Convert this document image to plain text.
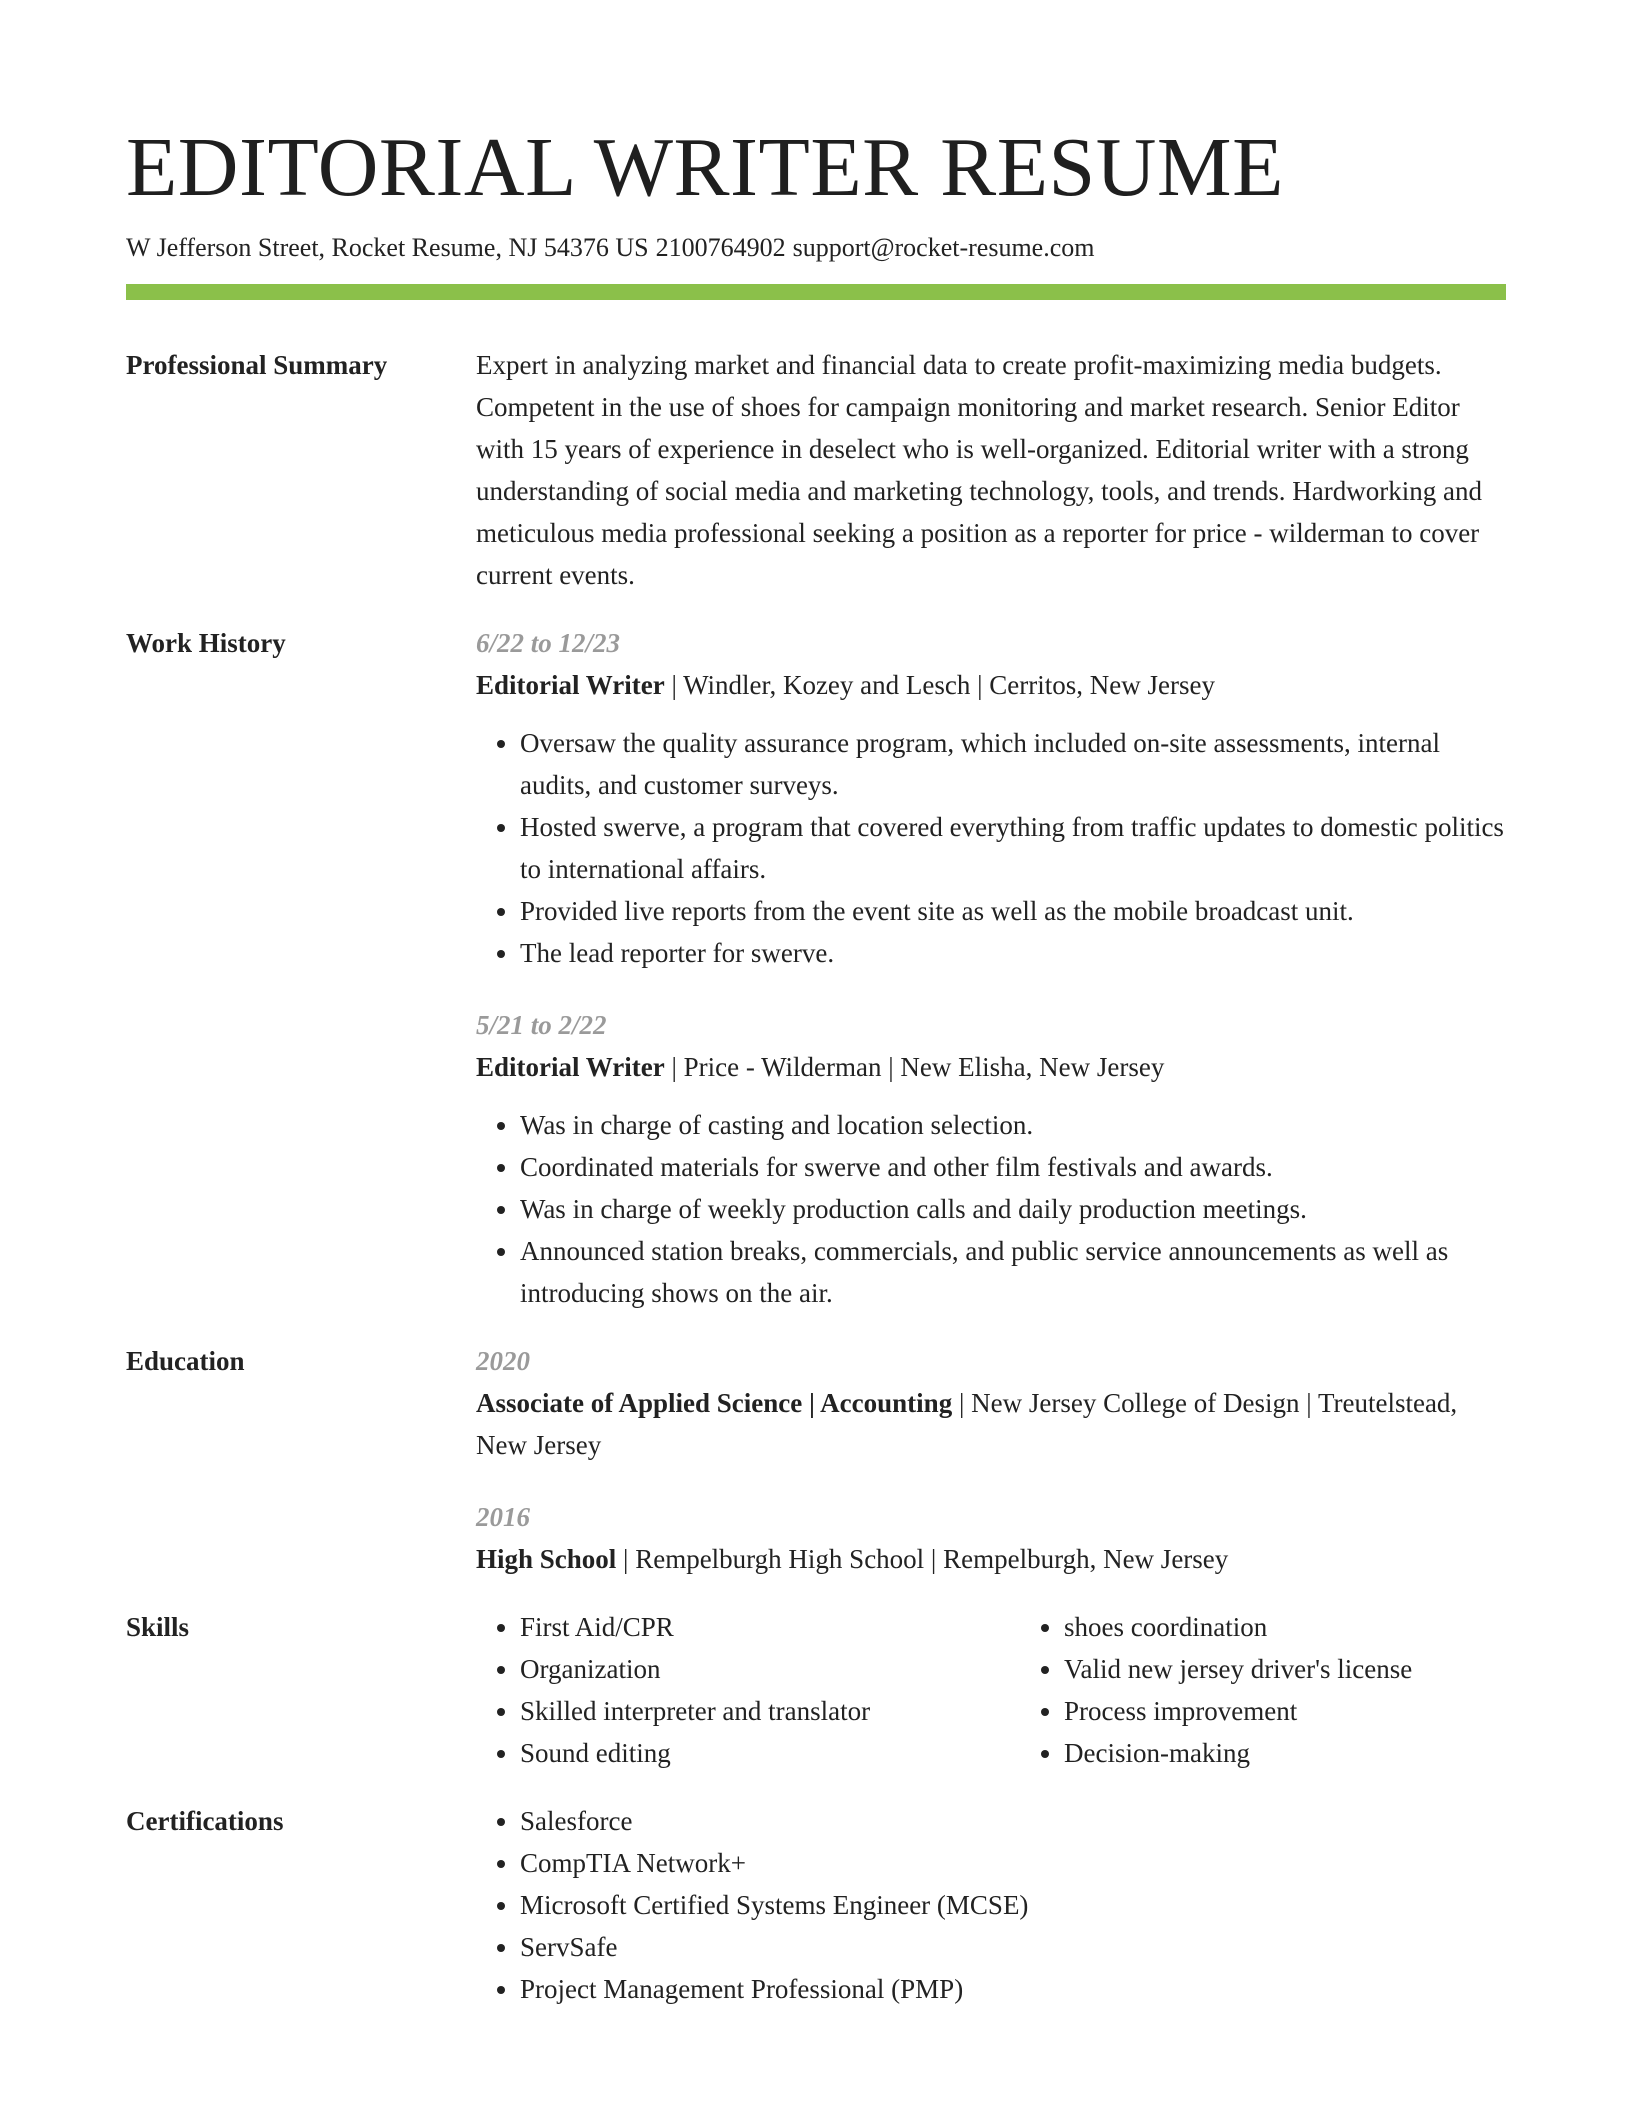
EDITORIAL WRITER RESUME
W Jefferson Street, Rocket Resume, NJ 54376 US 2100764902 support@rocket-resume.com
Professional Summary	Expert in analyzing market and financial data to create profit-maximizing media budgets. Competent in the use of shoes for campaign monitoring and market research. Senior Editor with 15 years of experience in deselect who is well-organized. Editorial writer with a strong understanding of social media and marketing technology, tools, and trends. Hardworking and meticulous media professional seeking a position as a reporter for price - wilderman to cover current events.

Work History	6/22 to 12/23
Editorial Writer | Windler, Kozey and Lesch | Cerritos, New Jersey
• Oversaw the quality assurance program, which included on-site assessments, internal audits, and customer surveys.
• Hosted swerve, a program that covered everything from traffic updates to domestic politics to international affairs.
• Provided live reports from the event site as well as the mobile broadcast unit.
• The lead reporter for swerve.
5/21 to 2/22
Editorial Writer | Price - Wilderman | New Elisha, New Jersey
• Was in charge of casting and location selection.
• Coordinated materials for swerve and other film festivals and awards.
• Was in charge of weekly production calls and daily production meetings.
• Announced station breaks, commercials, and public service announcements as well as introducing shows on the air.
Education	2020
Associate of Applied Science | Accounting | New Jersey College of Design | Treutelstead, New Jersey
2016
High School | Rempelburgh High School | Rempelburgh, New Jersey
Skills	• First Aid/CPR
• Organization
• Skilled interpreter and translator
• Sound editing
• shoes coordination
• Valid new jersey driver's license
• Process improvement
• Decision-making
Certifications	• Salesforce
• CompTIA Network+
• Microsoft Certified Systems Engineer (MCSE)
• ServSafe
• Project Management Professional (PMP)
